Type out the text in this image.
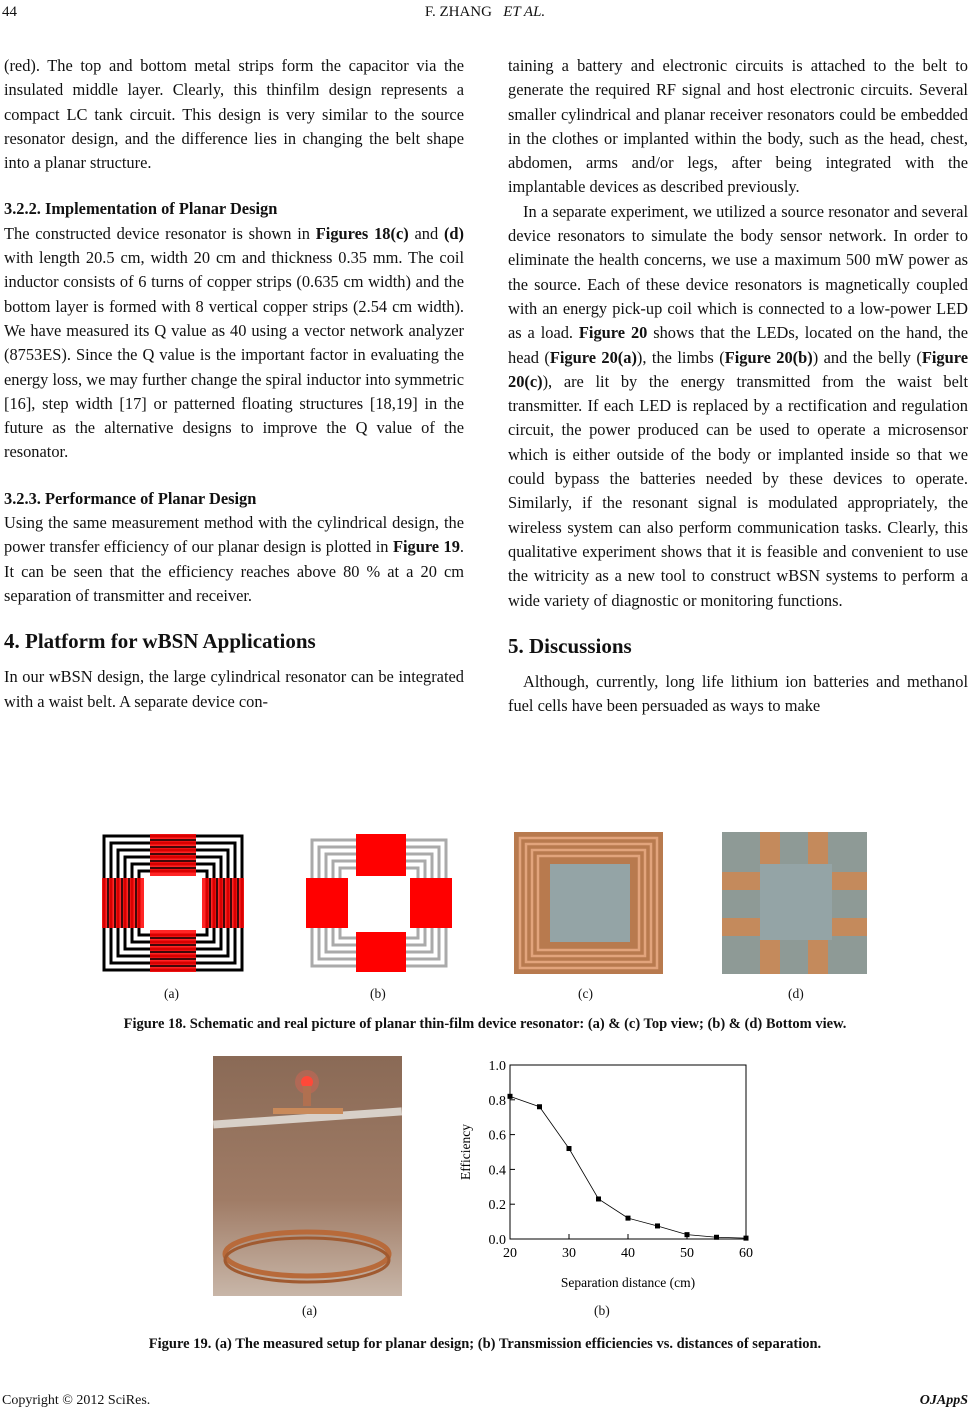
44	F. ZHANG ET AL.

(red). The top and bottom metal strips form the capacitor via the insulated middle layer. Clearly, this thinfilm design represents a compact LC tank circuit. This design is very similar to the source resonator design, and the difference lies in changing the belt shape into a planar structure.

3.2.2. Implementation of Planar Design

The constructed device resonator is shown in Figures 18(c) and (d) with length 20.5 cm, width 20 cm and thickness 0.35 mm. The coil inductor consists of 6 turns of copper strips (0.635 cm width) and the bottom layer is formed with 8 vertical copper strips (2.54 cm width). We have measured its Q value as 40 using a vector network analyzer (8753ES). Since the Q value is the important factor in evaluating the energy loss, we may further change the spiral inductor into symmetric [16], step width [17] or patterned floating structures [18,19] in the future as the alternative designs to improve the Q value of the resonator.

3.2.3. Performance of Planar Design

Using the same measurement method with the cylindrical design, the power transfer efficiency of our planar design is plotted in Figure 19. It can be seen that the efficiency reaches above 80 % at a 20 cm separation of transmitter and receiver.

4. Platform for wBSN Applications

In our wBSN design, the large cylindrical resonator can be integrated with a waist belt. A separate device con-

taining a battery and electronic circuits is attached to the belt to generate the required RF signal and host electronic circuits. Several smaller cylindrical and planar receiver resonators could be embedded in the clothes or implanted within the body, such as the head, chest, abdomen, arms and/or legs, after being integrated with the implantable devices as described previously.

In a separate experiment, we utilized a source resonator and several device resonators to simulate the body sensor network. In order to eliminate the health concerns, we use a maximum 500 mW power as the source. Each of these device resonators is magnetically coupled with an energy pick-up coil which is connected to a low-power LED as a load. Figure 20 shows that the LEDs, located on the hand, the head (Figure 20(a)), the limbs (Figure 20(b)) and the belly (Figure 20(c)), are lit by the energy transmitted from the waist belt transmitter. If each LED is replaced by a rectification and regulation circuit, the power produced can be used to operate a microsensor which is either outside of the body or implanted inside so that we could bypass the batteries needed by these devices to operate. Similarly, if the resonant signal is modulated appropriately, the wireless system can also perform communication tasks. Clearly, this qualitative experiment shows that it is feasible and convenient to use the witricity as a new tool to construct wBSN systems to perform a wide variety of diagnostic or monitoring functions.

5. Discussions

Although, currently, long life lithium ion batteries and methanol fuel cells have been persuaded as ways to make

(a)	(b)	(c)	(d)
Figure 18. Schematic and real picture of planar thin-film device resonator: (a) & (c) Top view; (b) & (d) Bottom view.
20	30	40	50	60
0.0
0.2
0.4
0.6
0.8
1.0
Separation distance (cm)
Efficiency
(a)	(b)
Figure 19. (a) The measured setup for planar design; (b) Transmission efficiencies vs. distances of separation.
Copyright © 2012 SciRes.	OJAppS
